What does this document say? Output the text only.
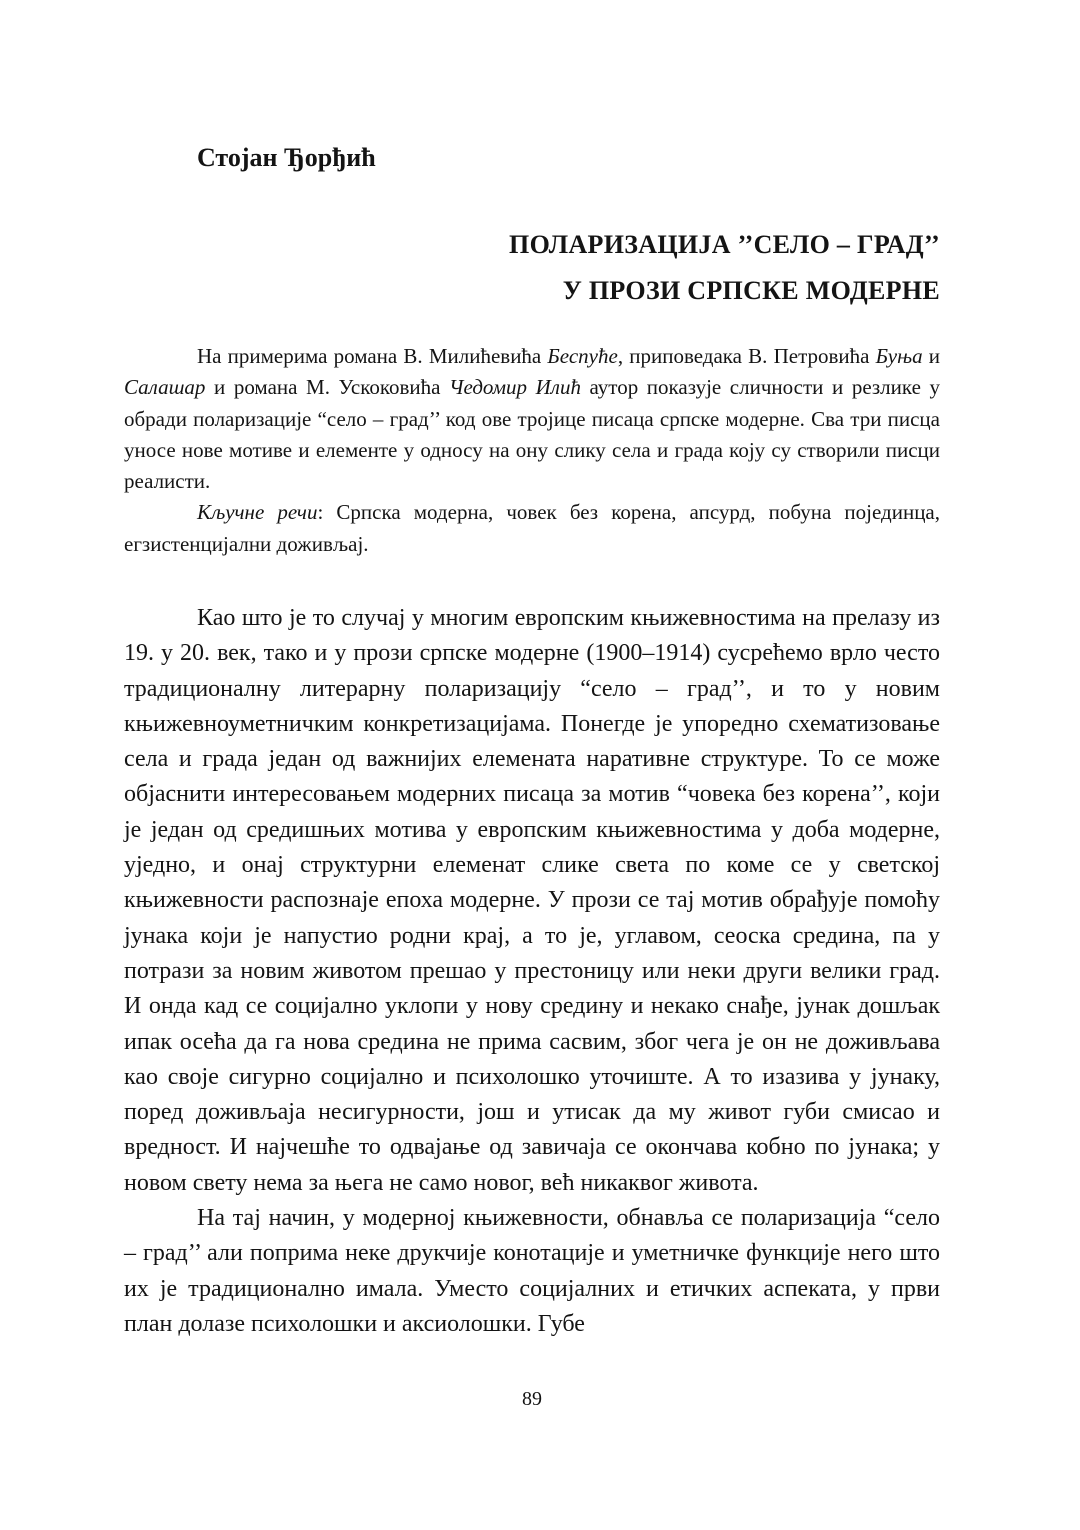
Стојан Ђорђић
ПОЛАРИЗАЦИЈА ’’СЕЛО – ГРАД’’
У ПРОЗИ СРПСКЕ МОДЕРНЕ

На примерима романа В. Милићевића Беспуће, приповедака В. Петровића Буња и Салашар и романа М. Ускоковића Чедомир Илић аутор показује сличности и резлике у обради поларизације “село – град’’ код ове тројице писаца српске модерне. Сва три писца уносе нове мотиве и елементе у односу на ону слику села и града коју су створили писци реалисти.

Кључне речи: Српска модерна, човек без корена, апсурд, побуна појединца, егзистенцијални доживљај.

Као што је то случај у многим европским књижевностима на прелазу из 19. у 20. век, тако и у прози српске модерне (1900–1914) сусрећемо врло често традиционалну литерарну поларизацију “село – град’’, и то у новим књижевноуметничким конкретизацијама. Понегде је упоредно схематизовање села и града један од важнијих елемената наративне структуре. То се може објаснити интересовањем модерних писаца за мотив “човека без корена’’, који је један од средишњих мотива у европским књижевностима у доба модерне, уједно, и онај структурни елеменат слике света по коме се у светској књижевности распознаје епоха модерне. У прози се тај мотив обрађује помоћу јунака који је напустио родни крај, а то је, углавом, сеоска средина, па у потрази за новим животом прешао у престоницу или неки други велики град. И онда кад се социјално уклопи у нову средину и некако снађе, јунак дошљак ипак осећа да га нова средина не прима сасвим, због чега је он не доживљава као своје сигурно социјално и психолошко уточиште. А то изазива у јунаку, поред доживљаја несигурности, још и утисак да му живот губи смисао и вредност. И најчешће то одвајање од завичаја се окончава кобно по јунака; у новом свету нема за њега не само новог, већ никаквог живота.

На тај начин, у модерној књижевности, обнавља се поларизација “село – град’’ али поприма неке друкчије конотације и уметничке функције него што их је традиционално имала. Уместо социјалних и етичких аспеката, у први план долазе психолошки и аксиолошки. Губе

89
